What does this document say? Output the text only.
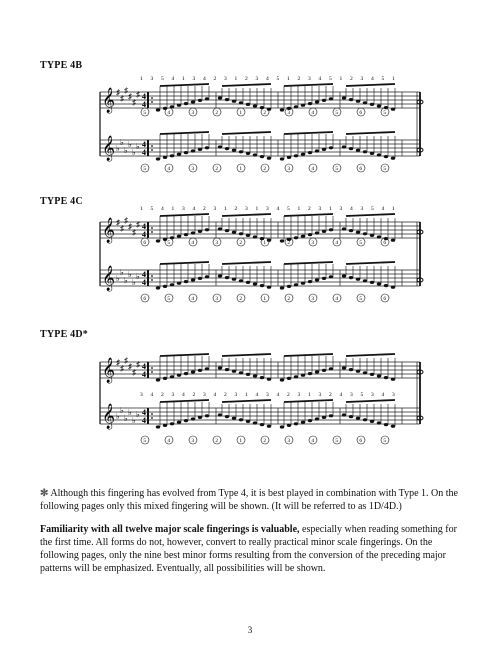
TYPE 4B
𝄞 ♯
♯
♯
♯
♯
♯ 4
4
𝄞 ♭
♭
♭
♭
♭
♭ 4
4
1 3 5 4 1 3 4 2 3 1 2 3 4 5 1 2 3 4 5 1 2 3 4 5 1
5	4	3	2	1	2	3	4	5	6	5
5	4	3	2	1	2	3	4	5	6	5
TYPE 4C
𝄞 ♯
♯
♯
♯
♯
♯ 4
4
𝄞 ♭
♭
♭
♭
♭
♭ 4
4
1 5 4 1 3 4 2 3 1 2 3 1 3 4 5 1 2 3 1 3 4 3 5 4 1
6	5	4	3	2	1	2	3	4	5	6
6	5	4	3	2	1	2	3	4	5	6
TYPE 4D*
𝄞 ♯
♯
♯
♯
♯
♯ 4
4
𝄞 ♭
♭
♭
♭
♭
♭ 4
4
3 4 2 3 4 2 3 4 2 3 1 4 3 4 2 3 1 3 2 4 3 5 3 4 3
5	4	3	2	1	2	3	4	5	6	5
✻ Although this fingering has evolved from Type 4, it is best played in combination with Type 1. On the following pages only this mixed fingering will be shown. (It will be referred to as 1D/4D.)
Familiarity with all twelve major scale fingerings is valuable, especially when reading something for the first time. All forms do not, however, convert to really practical minor scale fingerings. On the following pages, only the nine best minor forms resulting from the conversion of the preceding major patterns will be emphasized. Eventually, all possibilities will be shown.
3
